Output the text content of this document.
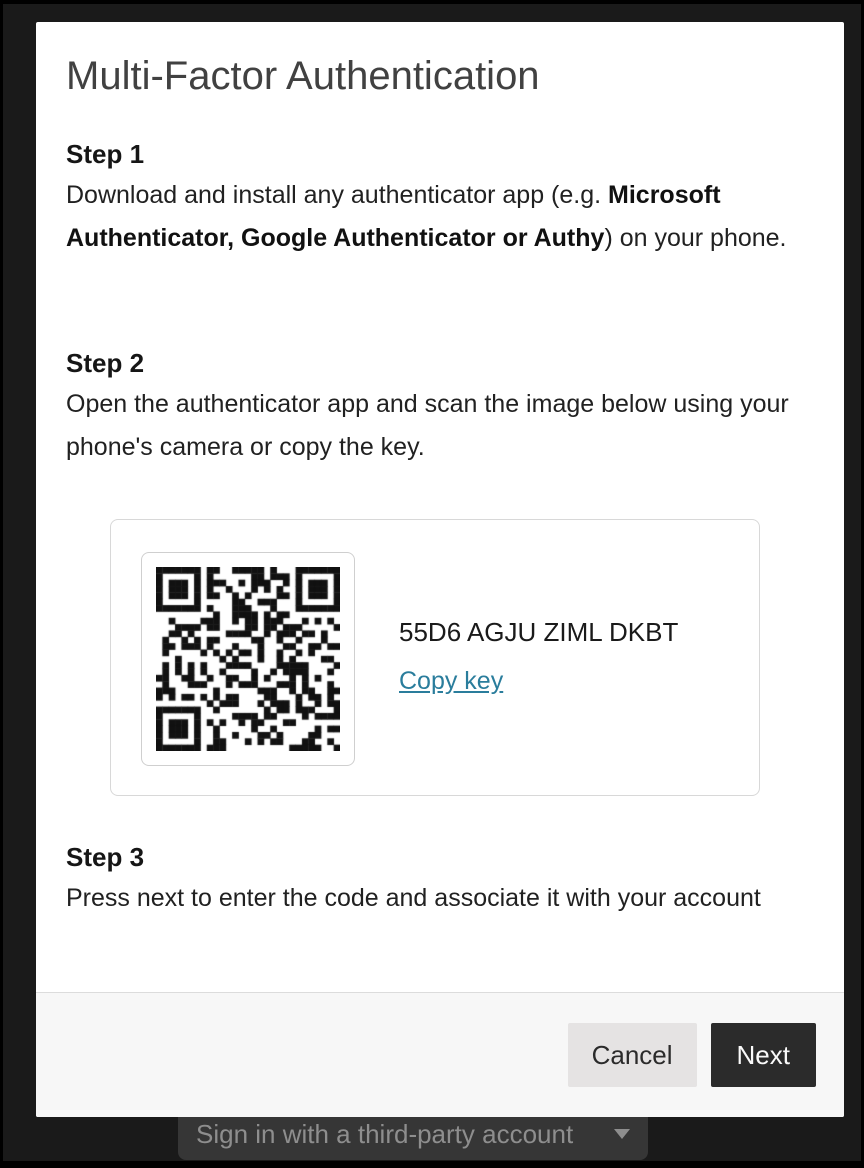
Sign in with a third-party account
Multi-Factor Authentication
Step 1

Download and install any authenticator app (e.g. Microsoft Authenticator, Google Authenticator or Authy) on your phone.

Step 2

Open the authenticator app and scan the image below using your phone's camera or copy the key.

55D6 AGJU ZIML DKBT
Copy key
Step 3

Press next to enter the code and associate it with your account

Cancel	Next
